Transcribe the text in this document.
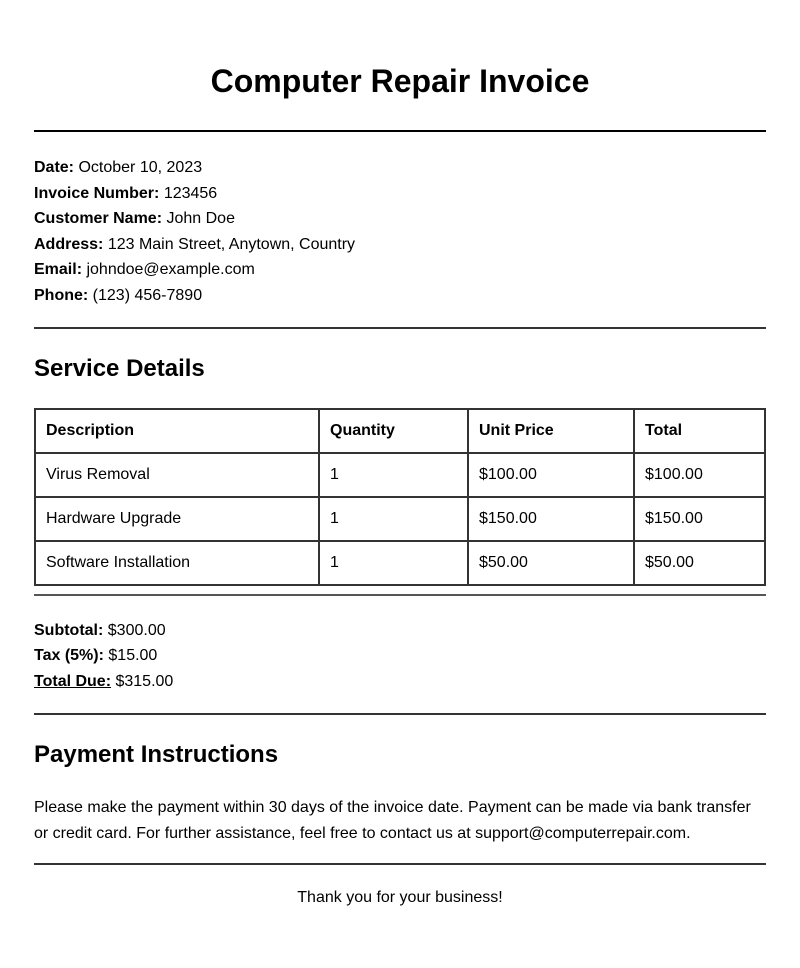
Computer Repair Invoice
Date: October 10, 2023
Invoice Number: 123456
Customer Name: John Doe
Address: 123 Main Street, Anytown, Country
Email: johndoe@example.com
Phone: (123) 456-7890
Service Details
Description	Quantity	Unit Price	Total
Virus Removal	1	$100.00	$100.00
Hardware Upgrade	1	$150.00	$150.00
Software Installation	1	$50.00	$50.00
Subtotal: $300.00
Tax (5%): $15.00
Total Due: $315.00
Payment Instructions

Please make the payment within 30 days of the invoice date. Payment can be made via bank transfer or credit card. For further assistance, feel free to contact us at support@computerrepair.com.

Thank you for your business!
